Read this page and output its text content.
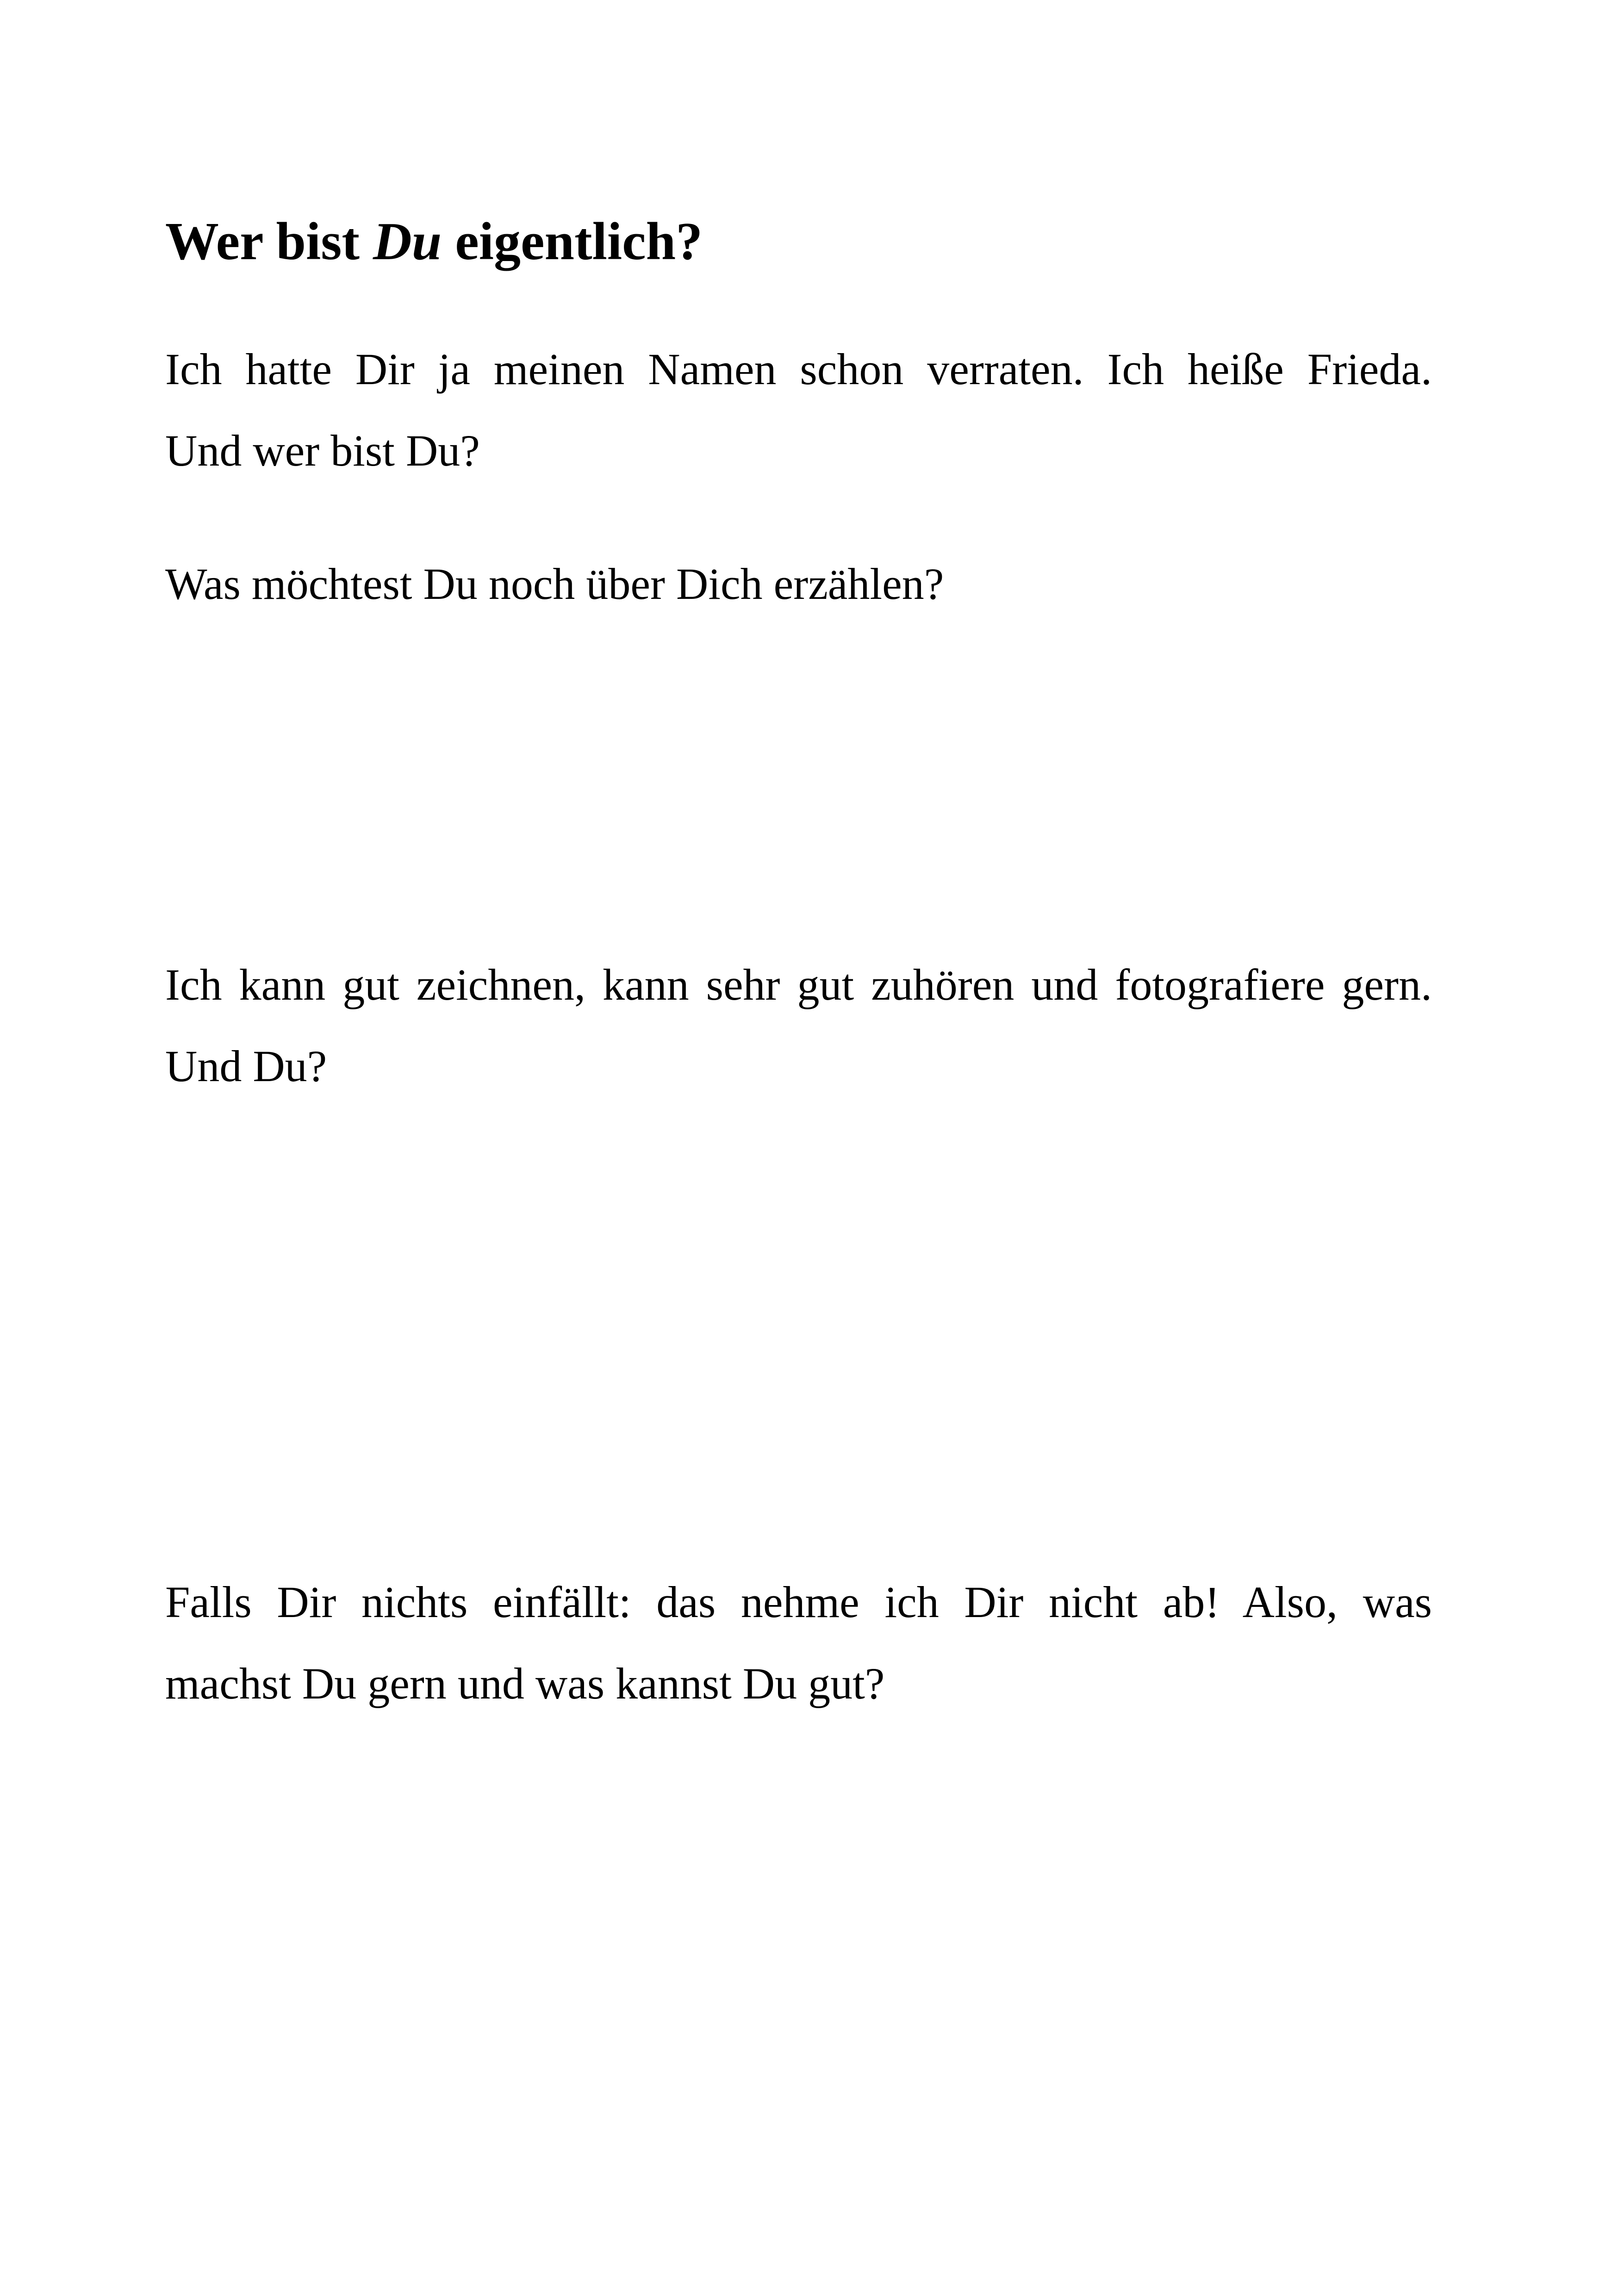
Wer bist Du eigentlich?

Ich hatte Dir ja meinen Namen schon verraten. Ich heiße Frieda.
Und wer bist Du?

Was möchtest Du noch über Dich erzählen?

Ich kann gut zeichnen, kann sehr gut zuhören und fotografiere gern.
Und Du?

Falls Dir nichts einfällt: das nehme ich Dir nicht ab! Also, was
machst Du gern und was kannst Du gut?
